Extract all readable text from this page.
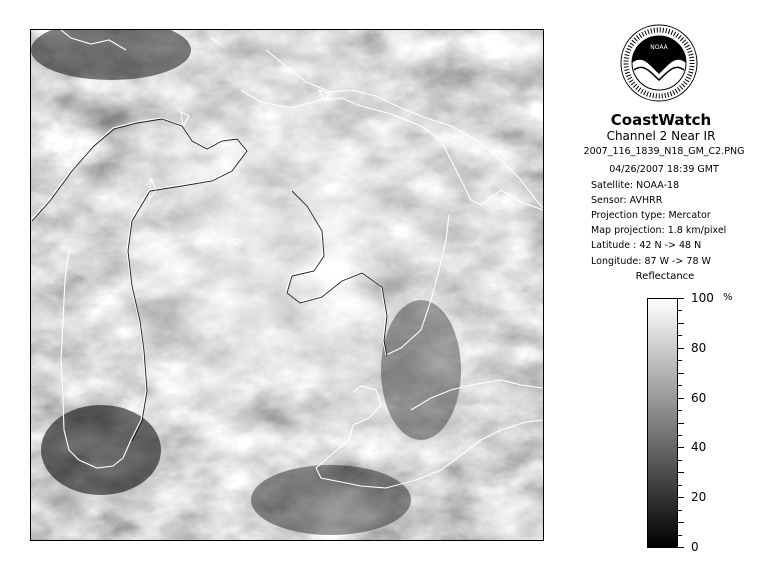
NOAA
CoastWatch
Channel 2 Near IR
2007_116_1839_N18_GM_C2.PNG
04/26/2007 18:39 GMT
Satellite: NOAA-18
Sensor: AVHRR
Projection type: Mercator
Map projection: 1.8 km/pixel
Latitude : 42 N -> 48 N
Longitude: 87 W -> 78 W
Reflectance
%
100
80
60
40
20
0
